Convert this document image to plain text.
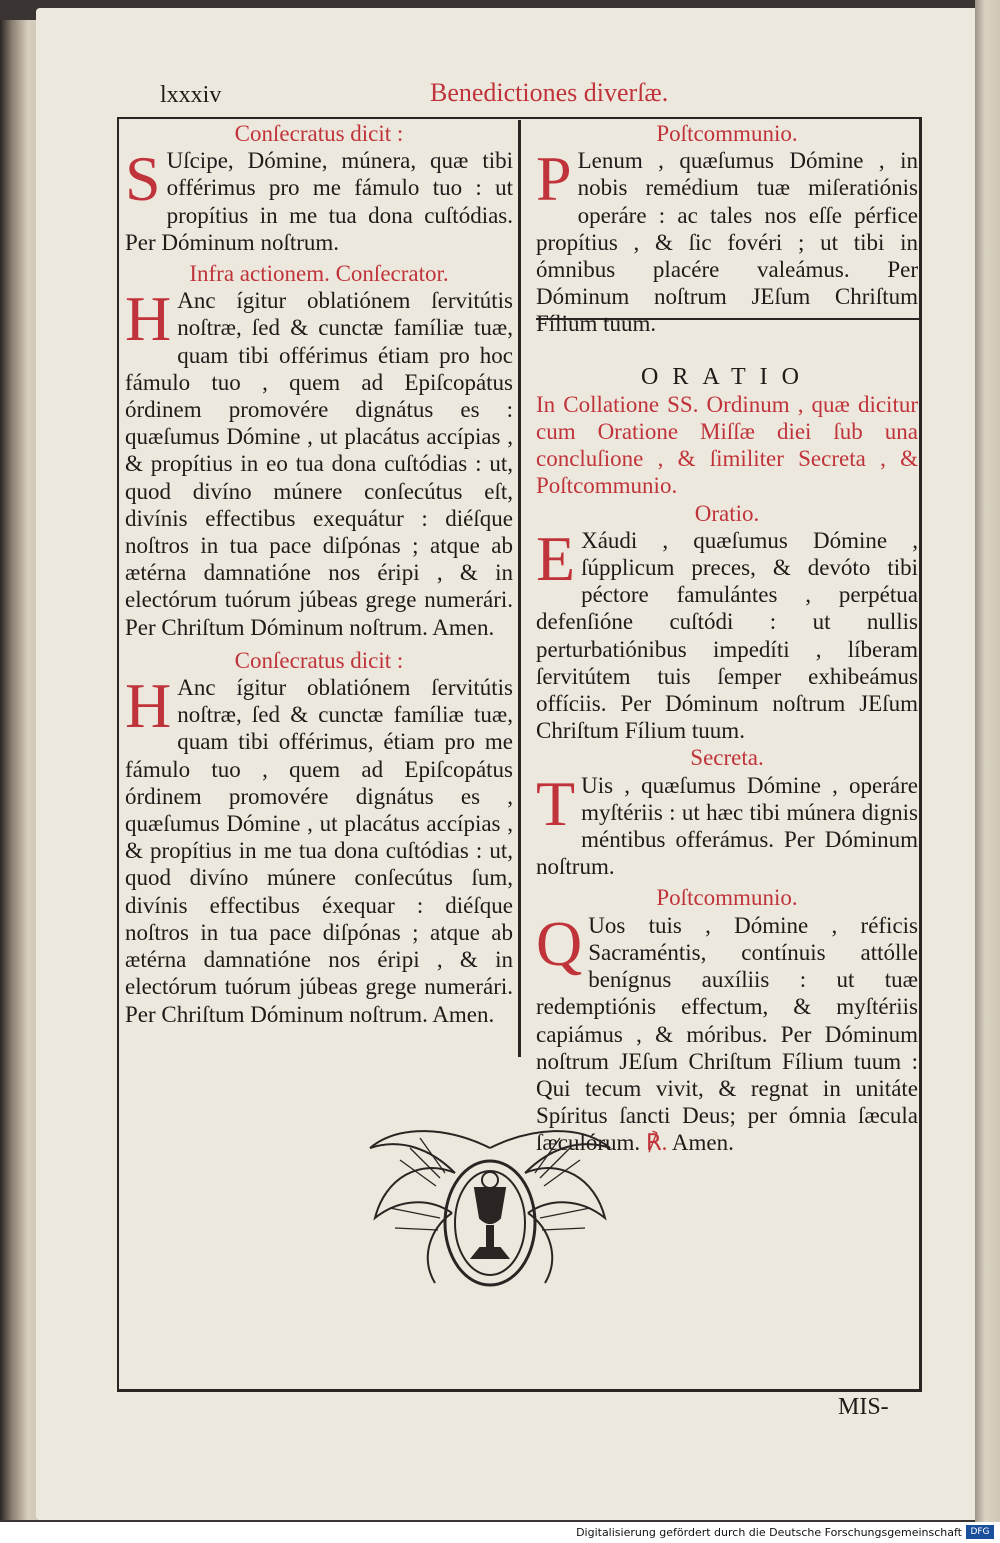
lxxxiv	Benedictiones diverſæ.

Conſecratus dicit :

S Uſcipe, Dómine, múnera, quæ tibi offérimus pro me fámulo tuo : ut propítius in me tua dona cuſtódias. Per Dóminum noſtrum.

Infra actionem. Conſecrator.

H Anc ígitur oblatiónem ſervitútis noſtræ, ſed & cunctæ famíliæ tuæ, quam tibi offérimus étiam pro hoc fámulo tuo , quem ad Epiſcopátus órdinem promovére dignátus es : quæſumus Dómine , ut placátus accípias , & propítius in eo tua dona cuſtódias : ut, quod divíno múnere conſecútus eſt, divínis effectibus exequátur : diéſque noſtros in tua pace diſpónas ; atque ab ætérna damnatióne nos éripi , & in electórum tuórum júbeas grege numerári. Per Chriſtum Dóminum noſtrum. Amen.

Conſecratus dicit :

H Anc ígitur oblatiónem ſervitútis noſtræ, ſed & cunctæ famíliæ tuæ, quam tibi offérimus, étiam pro me fámulo tuo , quem ad Epiſcopátus órdinem promovére dignátus es , quæſumus Dómine , ut placátus accípias , & propítius in me tua dona cuſtódias : ut, quod divíno múnere conſecútus ſum, divínis effectibus éxequar : diéſque noſtros in tua pace diſpónas ; atque ab ætérna damnatióne nos éripi , & in electórum tuórum júbeas grege numerári. Per Chriſtum Dóminum noſtrum. Amen.

Poſtcommunio.

P Lenum , quæſumus Dómine , in nobis remédium tuæ miſeratiónis operáre : ac tales nos eſſe pérfice propítius , & ſic fovéri ; ut tibi in ómnibus placére valeámus. Per Dóminum noſtrum JEſum Chriſtum Fílium tuum.

ORATIO

In Collatione SS. Ordinum , quæ dicitur cum Oratione Miſſæ diei ſub una concluſione , & ſimiliter Secreta , & Poſtcommunio.

Oratio.

E Xáudi , quæſumus Dómine , ſúpplicum preces, & devóto tibi péctore famulántes , perpétua defenſióne cuſtódi : ut nullis perturbatiónibus impedíti , líberam ſervitútem tuis ſemper exhibeámus offíciis. Per Dóminum noſtrum JEſum Chriſtum Fílium tuum.

Secreta.

T Uis , quæſumus Dómine , operáre myſtériis : ut hæc tibi múnera dignis méntibus offerámus. Per Dóminum noſtrum.

Poſtcommunio.

Q Uos tuis , Dómine , réficis Sacraméntis, contínuis attólle benígnus auxíliis : ut tuæ redemptiónis effectum, & myſtériis capiámus , & móribus. Per Dóminum noſtrum JEſum Chriſtum Fílium tuum : Qui tecum vivit, & regnat in unitáte Spíritus ſancti Deus; per ómnia ſæcula ſæculórum. ℟. Amen.

MIS-
Digitalisierung gefördert durch die Deutsche Forschungsgemeinschaft DFG
